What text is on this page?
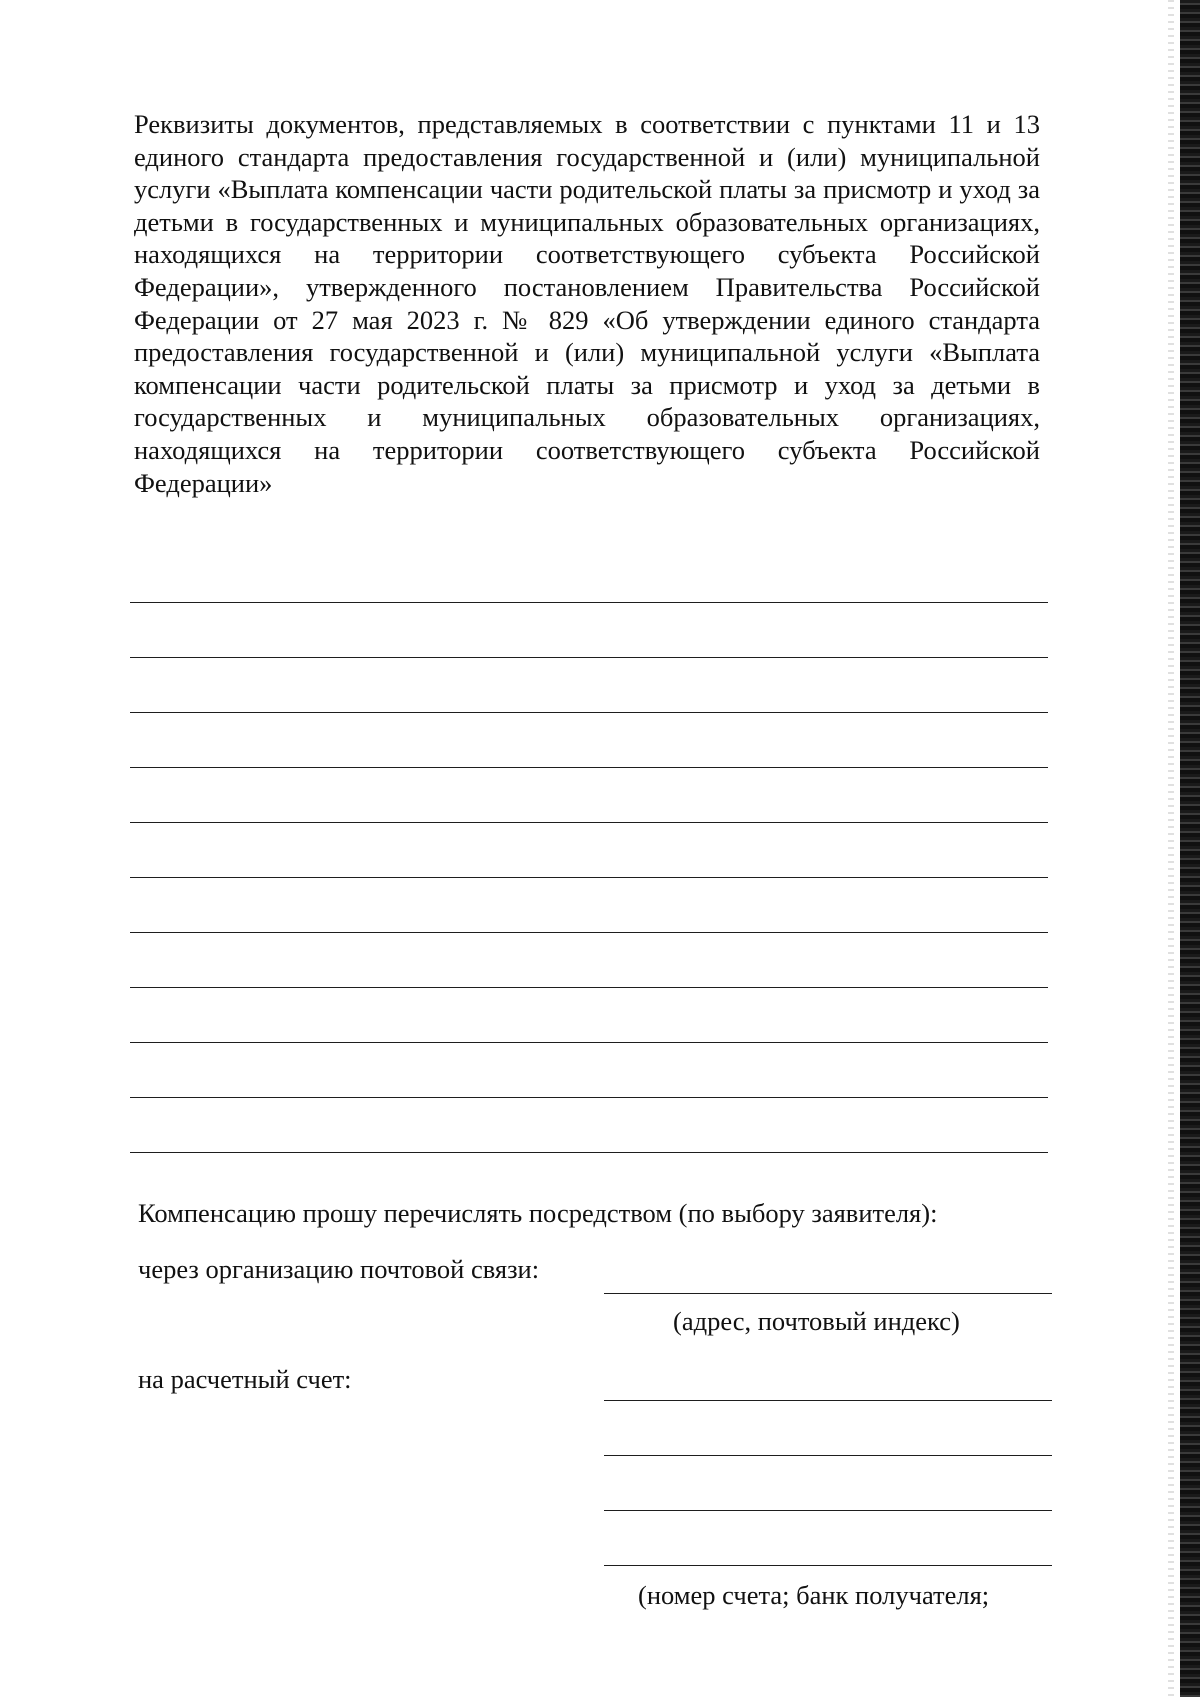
Реквизиты документов, представляемых в соответствии с пунктами 11 и 13 единого стандарта предоставления государственной и (или) муниципальной услуги «Выплата компенсации части родительской платы за присмотр и уход за детьми в государственных и муниципальных образовательных организациях, находящихся на территории соответствующего субъекта Российской Федерации», утвержденного постановлением Правительства Российской Федерации от 27 мая 2023 г. № 829 «Об утверждении единого стандарта предоставления государственной и (или) муниципальной услуги «Выплата компенсации части родительской платы за присмотр и уход за детьми в государственных и муниципальных образовательных организациях, находящихся на территории соответствующего субъекта Российской Федерации»

Компенсацию прошу перечислять посредством (по выбору заявителя):

через организацию почтовой связи:

(адрес, почтовый индекс)

на расчетный счет:

(номер счета; банк получателя;
